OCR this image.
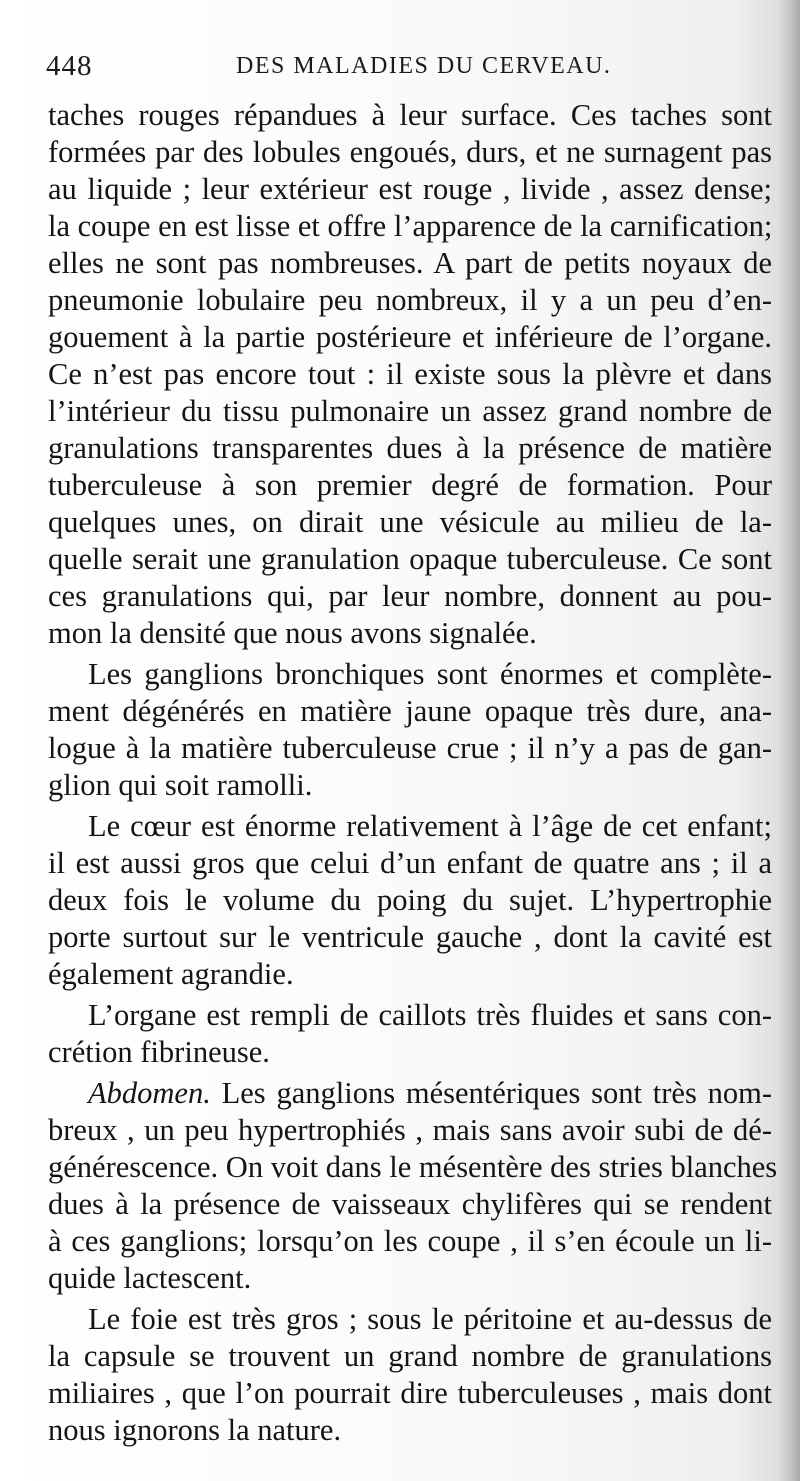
448	DES MALADIES DU CERVEAU.
taches rouges répandues à leur surface. Ces taches sont
formées par des lobules engoués, durs, et ne surnagent pas
au liquide ; leur extérieur est rouge , livide , assez dense;
la coupe en est lisse et offre l’apparence de la carnification;
elles ne sont pas nombreuses. A part de petits noyaux de
pneumonie lobulaire peu nombreux, il y a un peu d’en-
gouement à la partie postérieure et inférieure de l’organe.
Ce n’est pas encore tout : il existe sous la plèvre et dans
l’intérieur du tissu pulmonaire un assez grand nombre de
granulations transparentes dues à la présence de matière
tuberculeuse à son premier degré de formation. Pour
quelques unes, on dirait une vésicule au milieu de la-
quelle serait une granulation opaque tuberculeuse. Ce sont
ces granulations qui, par leur nombre, donnent au pou-
mon la densité que nous avons signalée.
Les ganglions bronchiques sont énormes et complète-
ment dégénérés en matière jaune opaque très dure, ana-
logue à la matière tuberculeuse crue ; il n’y a pas de gan-
glion qui soit ramolli.
Le cœur est énorme relativement à l’âge de cet enfant;
il est aussi gros que celui d’un enfant de quatre ans ; il a
deux fois le volume du poing du sujet. L’hypertrophie
porte surtout sur le ventricule gauche , dont la cavité est
également agrandie.
L’organe est rempli de caillots très fluides et sans con-
crétion fibrineuse.
Abdomen. Les ganglions mésentériques sont très nom-
breux , un peu hypertrophiés , mais sans avoir subi de dé-
générescence. On voit dans le mésentère des stries blanches
dues à la présence de vaisseaux chylifères qui se rendent
à ces ganglions; lorsqu’on les coupe , il s’en écoule un li-
quide lactescent.
Le foie est très gros ; sous le péritoine et au-dessus de
la capsule se trouvent un grand nombre de granulations
miliaires , que l’on pourrait dire tuberculeuses , mais dont
nous ignorons la nature.
